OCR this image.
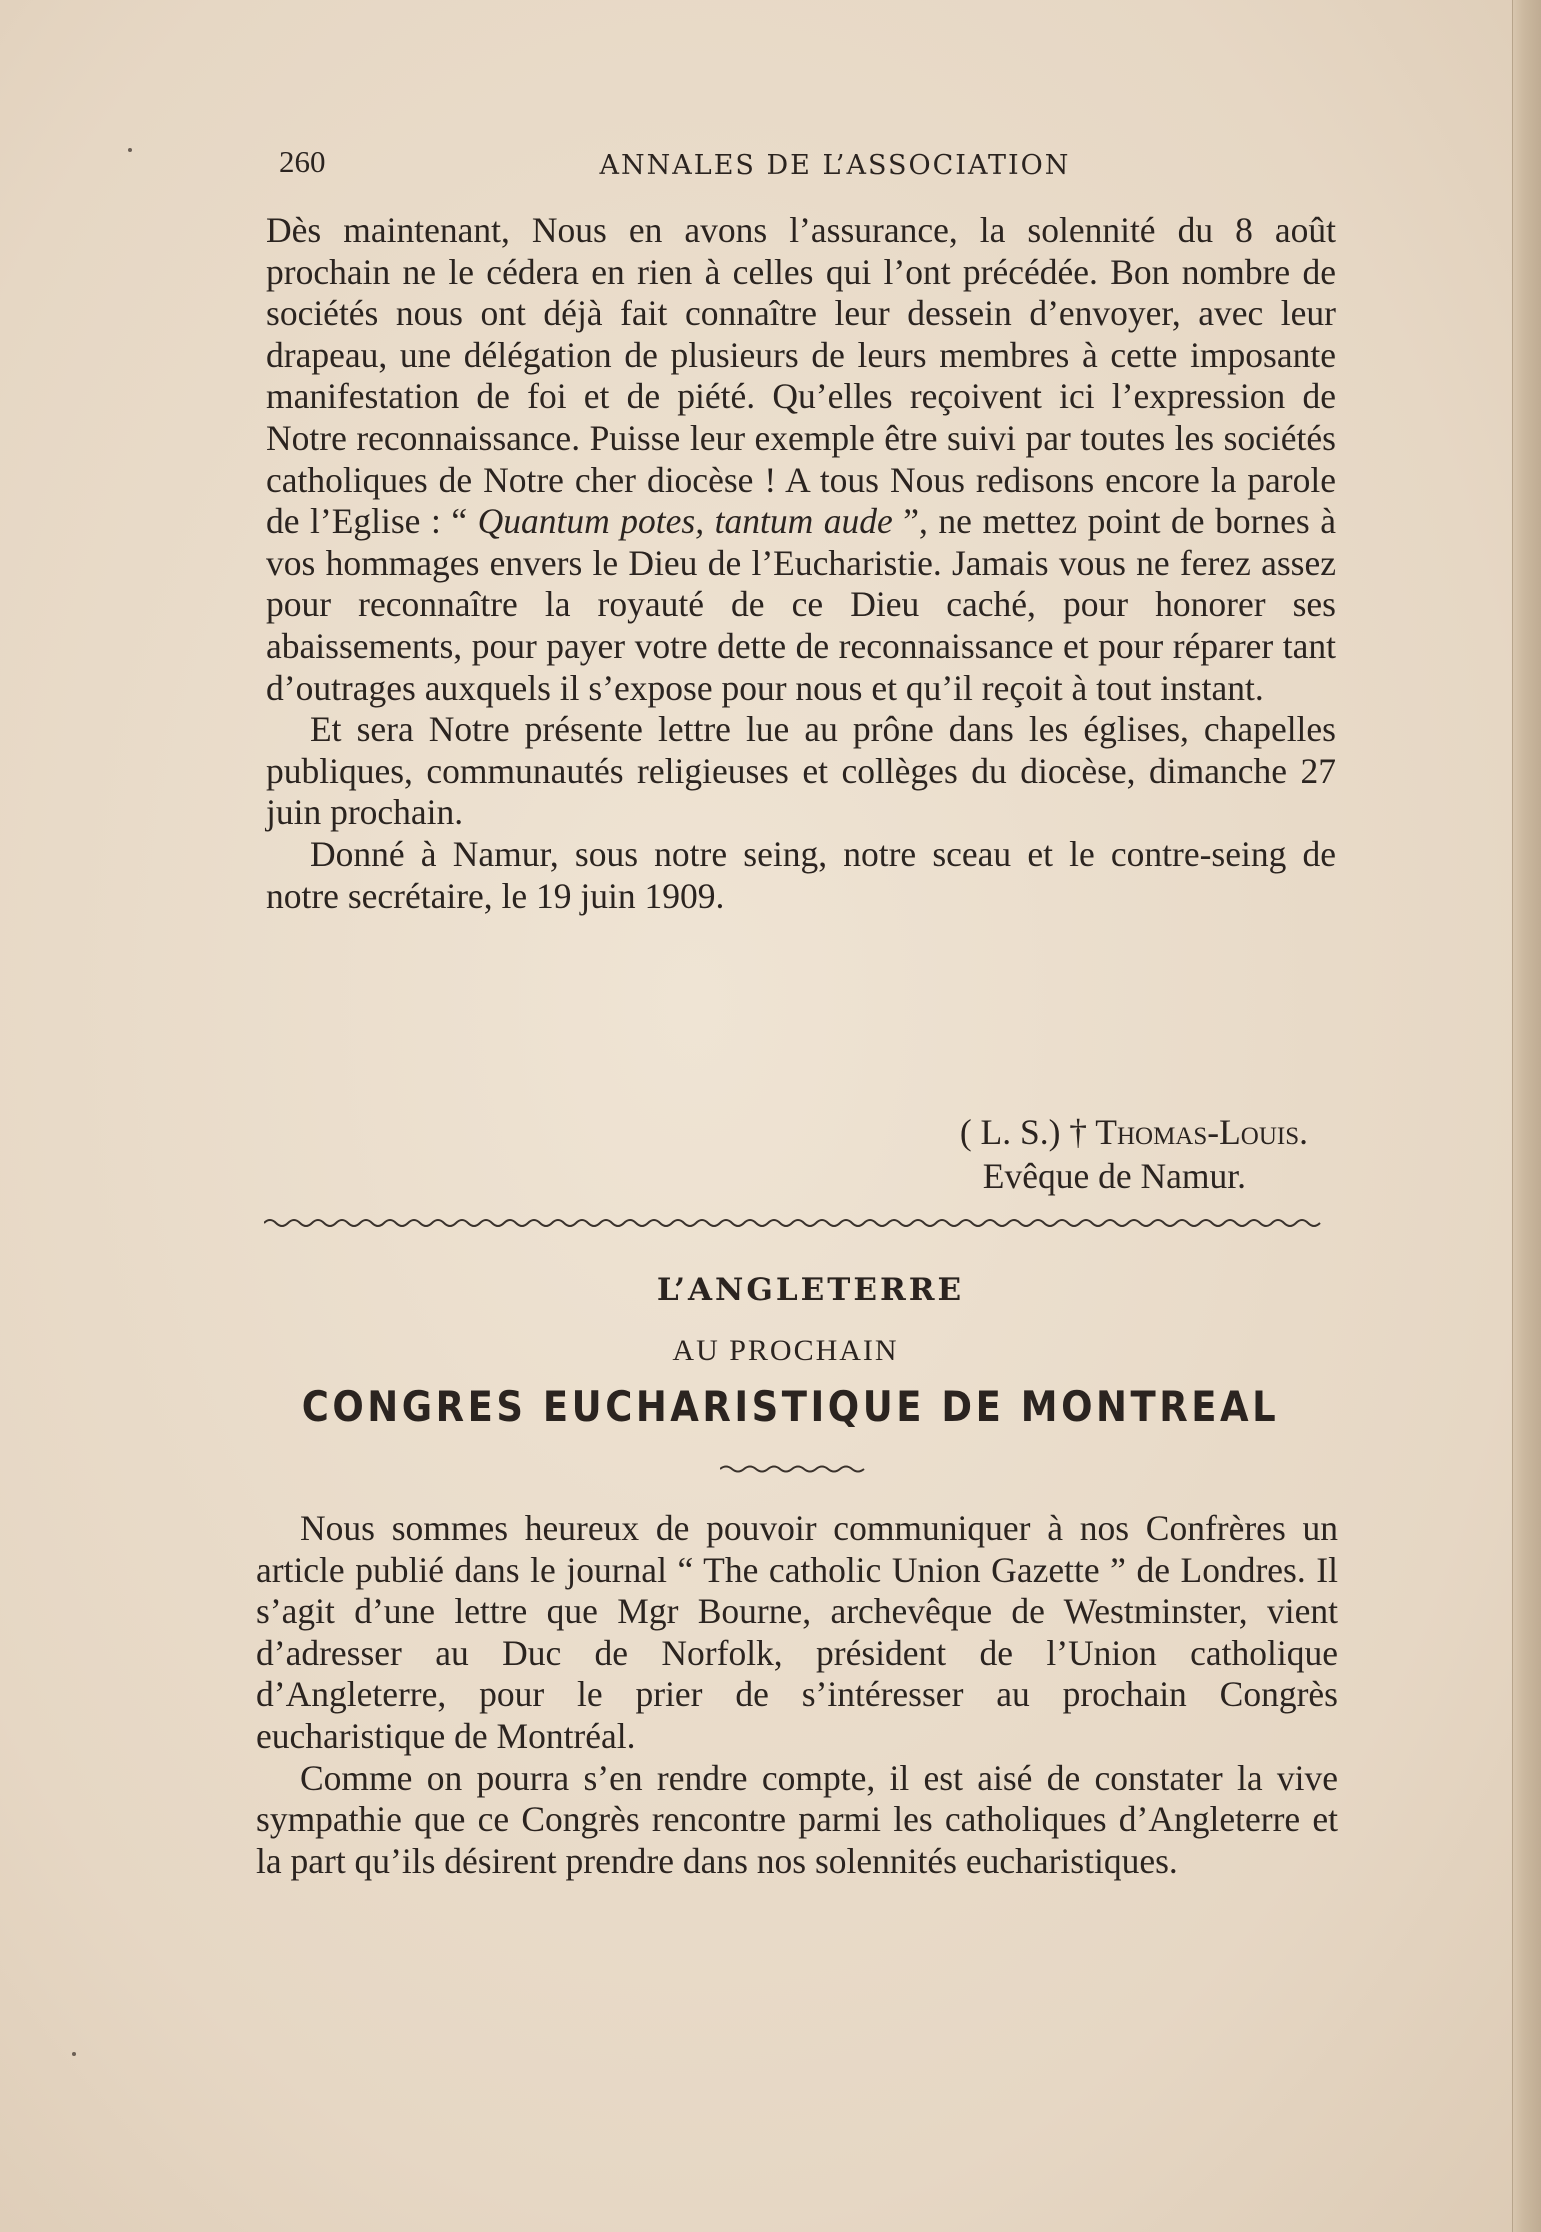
260	ANNALES DE L’ASSOCIATION

Dès maintenant, Nous en avons l’assurance, la solennité du 8 août prochain ne le cédera en rien à celles qui l’ont précédée. Bon nombre de sociétés nous ont déjà fait connaître leur dessein d’envoyer, avec leur drapeau, une délégation de plusieurs de leurs membres à cette imposante manifestation de foi et de piété. Qu’elles reçoivent ici l’expression de Notre reconnaissance. Puisse leur exemple être suivi par toutes les sociétés catholiques de Notre cher diocèse ! A tous Nous redisons encore la parole de l’Eglise : “ Quantum potes, tantum aude ”, ne mettez point de bornes à vos hommages envers le Dieu de l’Eucharistie. Jamais vous ne ferez assez pour reconnaître la royauté de ce Dieu caché, pour honorer ses abaissements, pour payer votre dette de reconnaissance et pour réparer tant d’outrages auxquels il s’expose pour nous et qu’il reçoit à tout instant.

Et sera Notre présente lettre lue au prône dans les églises, chapelles publiques, communautés religieuses et collèges du diocèse, dimanche 27 juin prochain.

Donné à Namur, sous notre seing, notre sceau et le contre-seing de notre secrétaire, le 19 juin 1909.

( L. S.) † Thomas-Louis.
Evêque de Namur.
L’ANGLETERRE
AU PROCHAIN
CONGRES EUCHARISTIQUE DE MONTREAL

Nous sommes heureux de pouvoir communiquer à nos Confrères un article publié dans le journal “ The catholic Union Gazette ” de Londres. Il s’agit d’une lettre que Mgr Bourne, archevêque de Westminster, vient d’adresser au Duc de Norfolk, président de l’Union catholique d’Angleterre, pour le prier de s’intéresser au prochain Congrès eucharistique de Montréal.

Comme on pourra s’en rendre compte, il est aisé de constater la vive sympathie que ce Congrès rencontre parmi les catholiques d’Angleterre et la part qu’ils désirent prendre dans nos solennités eucharistiques.
